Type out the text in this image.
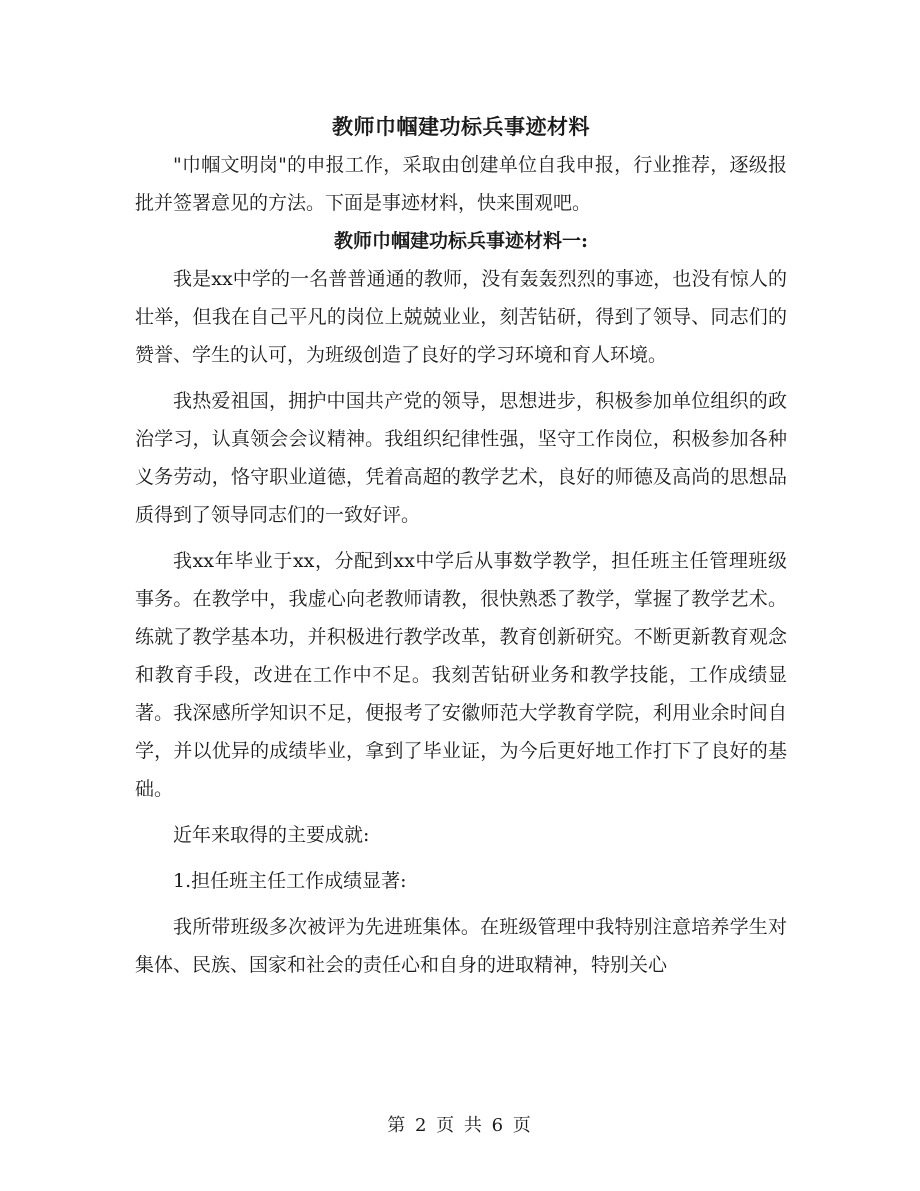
教师巾帼建功标兵事迹材料

"巾帼文明岗"的申报工作，采取由创建单位自我申报，行业推荐，逐级报批并签署意见的方法。下面是事迹材料，快来围观吧。

教师巾帼建功标兵事迹材料一:

我是xx中学的一名普普通通的教师，没有轰轰烈烈的事迹，也没有惊人的壮举，但我在自己平凡的岗位上兢兢业业，刻苦钻研，得到了领导、同志们的赞誉、学生的认可，为班级创造了良好的学习环境和育人环境。

我热爱祖国，拥护中国共产党的领导，思想进步，积极参加单位组织的政治学习，认真领会会议精神。我组织纪律性强，坚守工作岗位，积极参加各种义务劳动，恪守职业道德，凭着高超的教学艺术，良好的师德及高尚的思想品质得到了领导同志们的一致好评。

我xx年毕业于xx，分配到xx中学后从事数学教学，担任班主任管理班级事务。在教学中，我虚心向老教师请教，很快熟悉了教学，掌握了教学艺术。练就了教学基本功，并积极进行教学改革，教育创新研究。不断更新教育观念和教育手段，改进在工作中不足。我刻苦钻研业务和教学技能，工作成绩显著。我深感所学知识不足，便报考了安徽师范大学教育学院，利用业余时间自学，并以优异的成绩毕业，拿到了毕业证，为今后更好地工作打下了良好的基础。

近年来取得的主要成就:

1.担任班主任工作成绩显著:

我所带班级多次被评为先进班集体。在班级管理中我特别注意培养学生对集体、民族、国家和社会的责任心和自身的进取精神，特别关心

第 2 页 共 6 页
